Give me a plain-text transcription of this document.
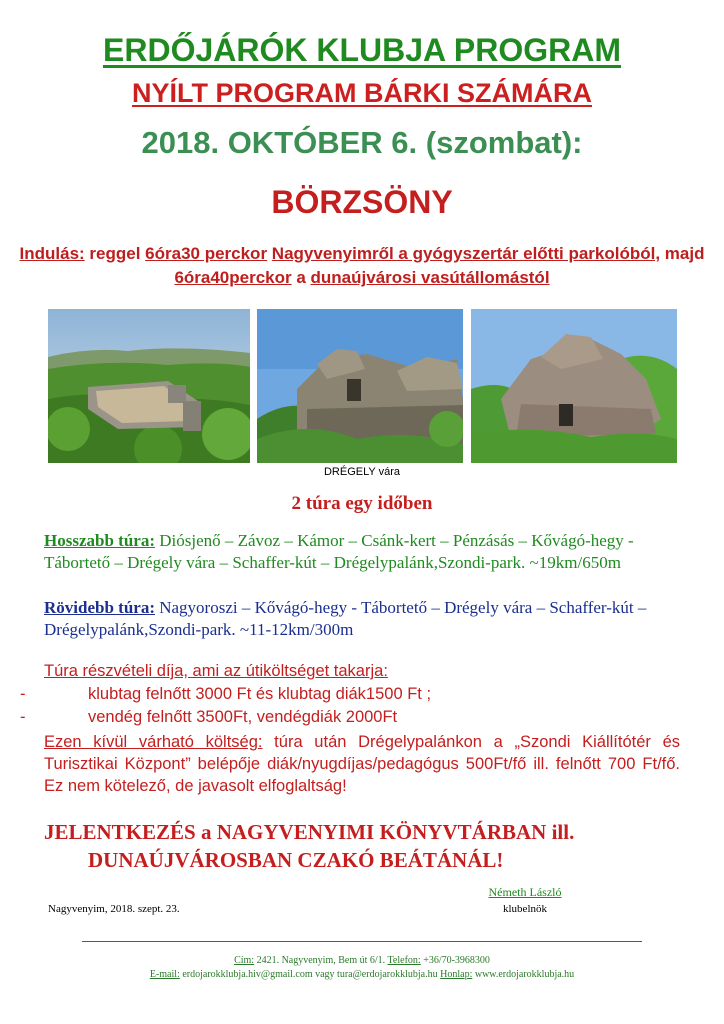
ERDŐJÁRÓK KLUBJA PROGRAM
NYÍLT PROGRAM BÁRKI SZÁMÁRA
2018. OKTÓBER 6. (szombat):
BÖRZSÖNY
Indulás: reggel 6óra30 perckor Nagyvenyimről a gyógyszertár előtti parkolóból, majd 6óra40perckor a dunaújvárosi vasútállomástól
DRÉGELY vára
2 túra egy időben
Hosszabb túra: Diósjenő – Závoz – Kámor – Csánk-kert – Pénzásás – Kővágó-hegy - Tábortető – Drégely vára – Schaffer-kút – Drégelypalánk,Szondi-park. ~19km/650m
Rövidebb túra: Nagyoroszi – Kővágó-hegy - Tábortető – Drégely vára – Schaffer-kút – Drégelypalánk,Szondi-park. ~11-12km/300m
Túra részvételi díja, ami az útiköltséget takarja:
-	klubtag felnőtt 3000 Ft és klubtag diák1500 Ft ;
-	vendég felnőtt 3500Ft, vendégdiák 2000Ft
Ezen kívül várható költség: túra után Drégelypalánkon a „Szondi Kiállítótér és Turisztikai Központ” belépője diák/nyugdíjas/pedagógus 500Ft/fő ill. felnőtt 700 Ft/fő. Ez nem kötelező, de javasolt elfoglaltság!
JELENTKEZÉS a NAGYVENYIMI KÖNYVTÁRBAN ill.
DUNAÚJVÁROSBAN CZAKÓ BEÁTÁNÁL!
Németh László
Nagyvenyim, 2018. szept. 23.	klubelnök
Cím: 2421. Nagyvenyim, Bem út 6/1. Telefon: +36/70-3968300
E-mail: erdojarokklubja.hiv@gmail.com vagy tura@erdojarokklubja.hu Honlap: www.erdojarokklubja.hu
